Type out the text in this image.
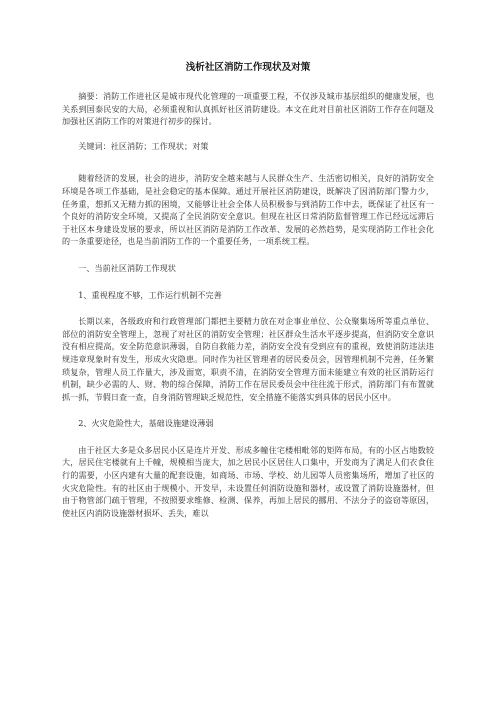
浅析社区消防工作现状及对策

摘要：消防工作进社区是城市现代化管理的一项重要工程，不仅涉及城市基层组织的健康发展，也关系到国泰民安的大局，必须重视和认真抓好社区消防建设。本文在此对目前社区消防工作存在问题及加强社区消防工作的对策进行初步的探讨。

关键词：社区消防；工作现状；对策

随着经济的发展，社会的进步，消防安全越来越与人民群众生产、生活密切相关，良好的消防安全环境是各项工作基础，是社会稳定的基本保障。通过开展社区消防建设，既解决了因消防部门警力少，任务重，想抓又无精力抓的困境，又能够让社会全体人员积极参与到消防工作中去，既保证了社区有一个良好的消防安全环境，又提高了全民消防安全意识。但现在社区日常消防监督管理工作已经远远滞后于社区本身建设发展的要求，所以社区消防是消防工作改革、发展的必然趋势，是实现消防工作社会化的一条重要途径，也是当前消防工作的一个重要任务，一项系统工程。

一、当前社区消防工作现状

1、重视程度不够，工作运行机制不完善

长期以来，各级政府和行政管理部门都把主要精力放在对企事业单位、公众聚集场所等重点单位、部位的消防安全管理上，忽视了对社区的消防安全管理；社区群众生活水平逐步提高，但消防安全意识没有相应提高，安全防范意识薄弱，自防自救能力差，消防安全没有受到应有的重视，致使消防违法违规违章现象时有发生，形成火灾隐患。同时作为社区管理者的居民委员会，因管理机制不完善，任务繁琐复杂，管理人员工作量大，涉及面宽，职责不清，在消防安全管理方面未能建立有效的社区消防运行机制，缺少必需的人、财、物的综合保障，消防工作在居民委员会中往往流于形式，消防部门有布置就抓一抓，节假日查一查，自身消防管理缺乏规范性，安全措施不能落实到具体的居民小区中。

2、火灾危险性大，基础设施建设薄弱

由于社区大多是众多居民小区是连片开发、形成多幢住宅楼相毗邻的矩阵布局，有的小区占地数较大，居民住宅楼就有上千幢，规模相当庞大，加之居民小区居住人口集中，开发商为了满足人们衣食住行的需要，小区内建有大量的配套设施，如商场、市场、学校、幼儿园等人员密集场所，增加了社区的火灾危险性。有的社区由于规模小、开发早，未设置任何消防设施和器材，或设置了消防设施器材，但由于物管部门疏于管理，不按照要求维修、检测、保养，再加上居民的挪用、不法分子的盗窃等原因，使社区内消防设施器材损坏、丢失，难以
